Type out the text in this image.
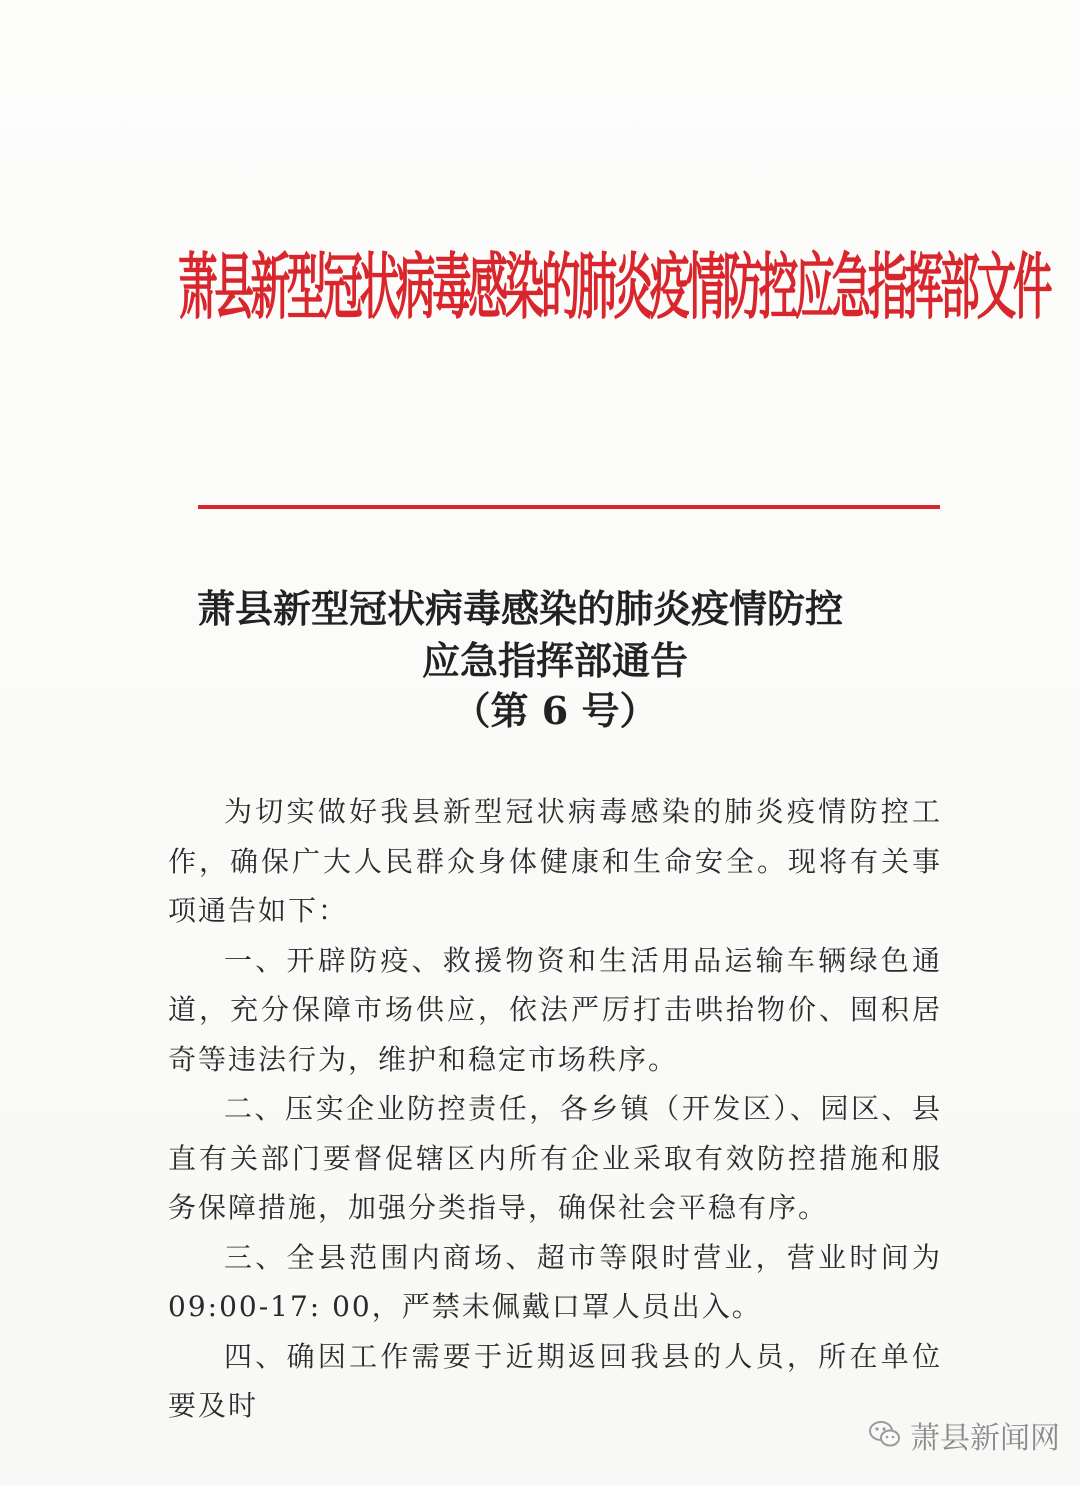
萧县新型冠状病毒感染的肺炎疫情防控应急指挥部文件
萧县新型冠状病毒感染的肺炎疫情防控
应急指挥部通告
（第 6 号）

为切实做好我县新型冠状病毒感染的肺炎疫情防控工作，确保广大人民群众身体健康和生命安全。现将有关事项通告如下：

一、开辟防疫、救援物资和生活用品运输车辆绿色通道，充分保障市场供应，依法严厉打击哄抬物价、囤积居奇等违法行为，维护和稳定市场秩序。

二、压实企业防控责任，各乡镇（开发区）、园区、县直有关部门要督促辖区内所有企业采取有效防控措施和服务保障措施，加强分类指导，确保社会平稳有序。

三、全县范围内商场、超市等限时营业，营业时间为09:00-17: 00，严禁未佩戴口罩人员出入。

四、确因工作需要于近期返回我县的人员，所在单位要及时

萧县新闻网
